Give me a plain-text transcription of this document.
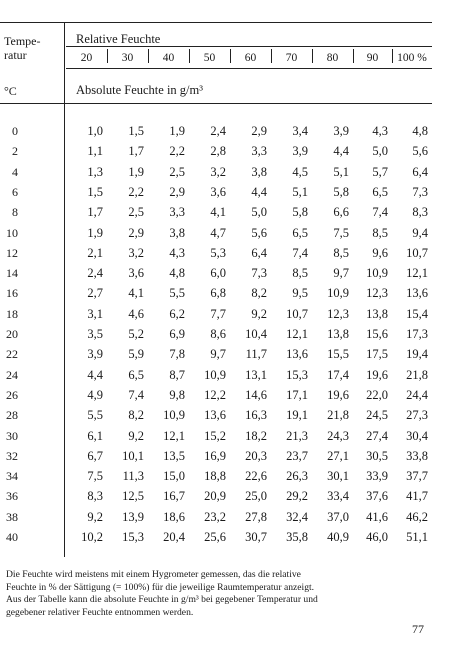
Tempe-
ratur
°C
Relative Feuchte
Absolute Feuchte in g/m³
20	30	40	50	60	70	80	90	100 %
0	1,0	1,5	1,9	2,4	2,9	3,4	3,9	4,3	4,8
2	1,1	1,7	2,2	2,8	3,3	3,9	4,4	5,0	5,6
4	1,3	1,9	2,5	3,2	3,8	4,5	5,1	5,7	6,4
6	1,5	2,2	2,9	3,6	4,4	5,1	5,8	6,5	7,3
8	1,7	2,5	3,3	4,1	5,0	5,8	6,6	7,4	8,3
10	1,9	2,9	3,8	4,7	5,6	6,5	7,5	8,5	9,4
12	2,1	3,2	4,3	5,3	6,4	7,4	8,5	9,6	10,7
14	2,4	3,6	4,8	6,0	7,3	8,5	9,7	10,9	12,1
16	2,7	4,1	5,5	6,8	8,2	9,5	10,9	12,3	13,6
18	3,1	4,6	6,2	7,7	9,2	10,7	12,3	13,8	15,4
20	3,5	5,2	6,9	8,6	10,4	12,1	13,8	15,6	17,3
22	3,9	5,9	7,8	9,7	11,7	13,6	15,5	17,5	19,4
24	4,4	6,5	8,7	10,9	13,1	15,3	17,4	19,6	21,8
26	4,9	7,4	9,8	12,2	14,6	17,1	19,6	22,0	24,4
28	5,5	8,2	10,9	13,6	16,3	19,1	21,8	24,5	27,3
30	6,1	9,2	12,1	15,2	18,2	21,3	24,3	27,4	30,4
32	6,7	10,1	13,5	16,9	20,3	23,7	27,1	30,5	33,8
34	7,5	11,3	15,0	18,8	22,6	26,3	30,1	33,9	37,7
36	8,3	12,5	16,7	20,9	25,0	29,2	33,4	37,6	41,7
38	9,2	13,9	18,6	23,2	27,8	32,4	37,0	41,6	46,2
40	10,2	15,3	20,4	25,6	30,7	35,8	40,9	46,0	51,1
Die Feuchte wird meistens mit einem Hygrometer gemessen, das die relative
Feuchte in % der Sättigung (= 100%) für die jeweilige Raumtemperatur anzeigt.
Aus der Tabelle kann die absolute Feuchte in g/m³ bei gegebener Temperatur und
gegebener relativer Feuchte entnommen werden.
77
